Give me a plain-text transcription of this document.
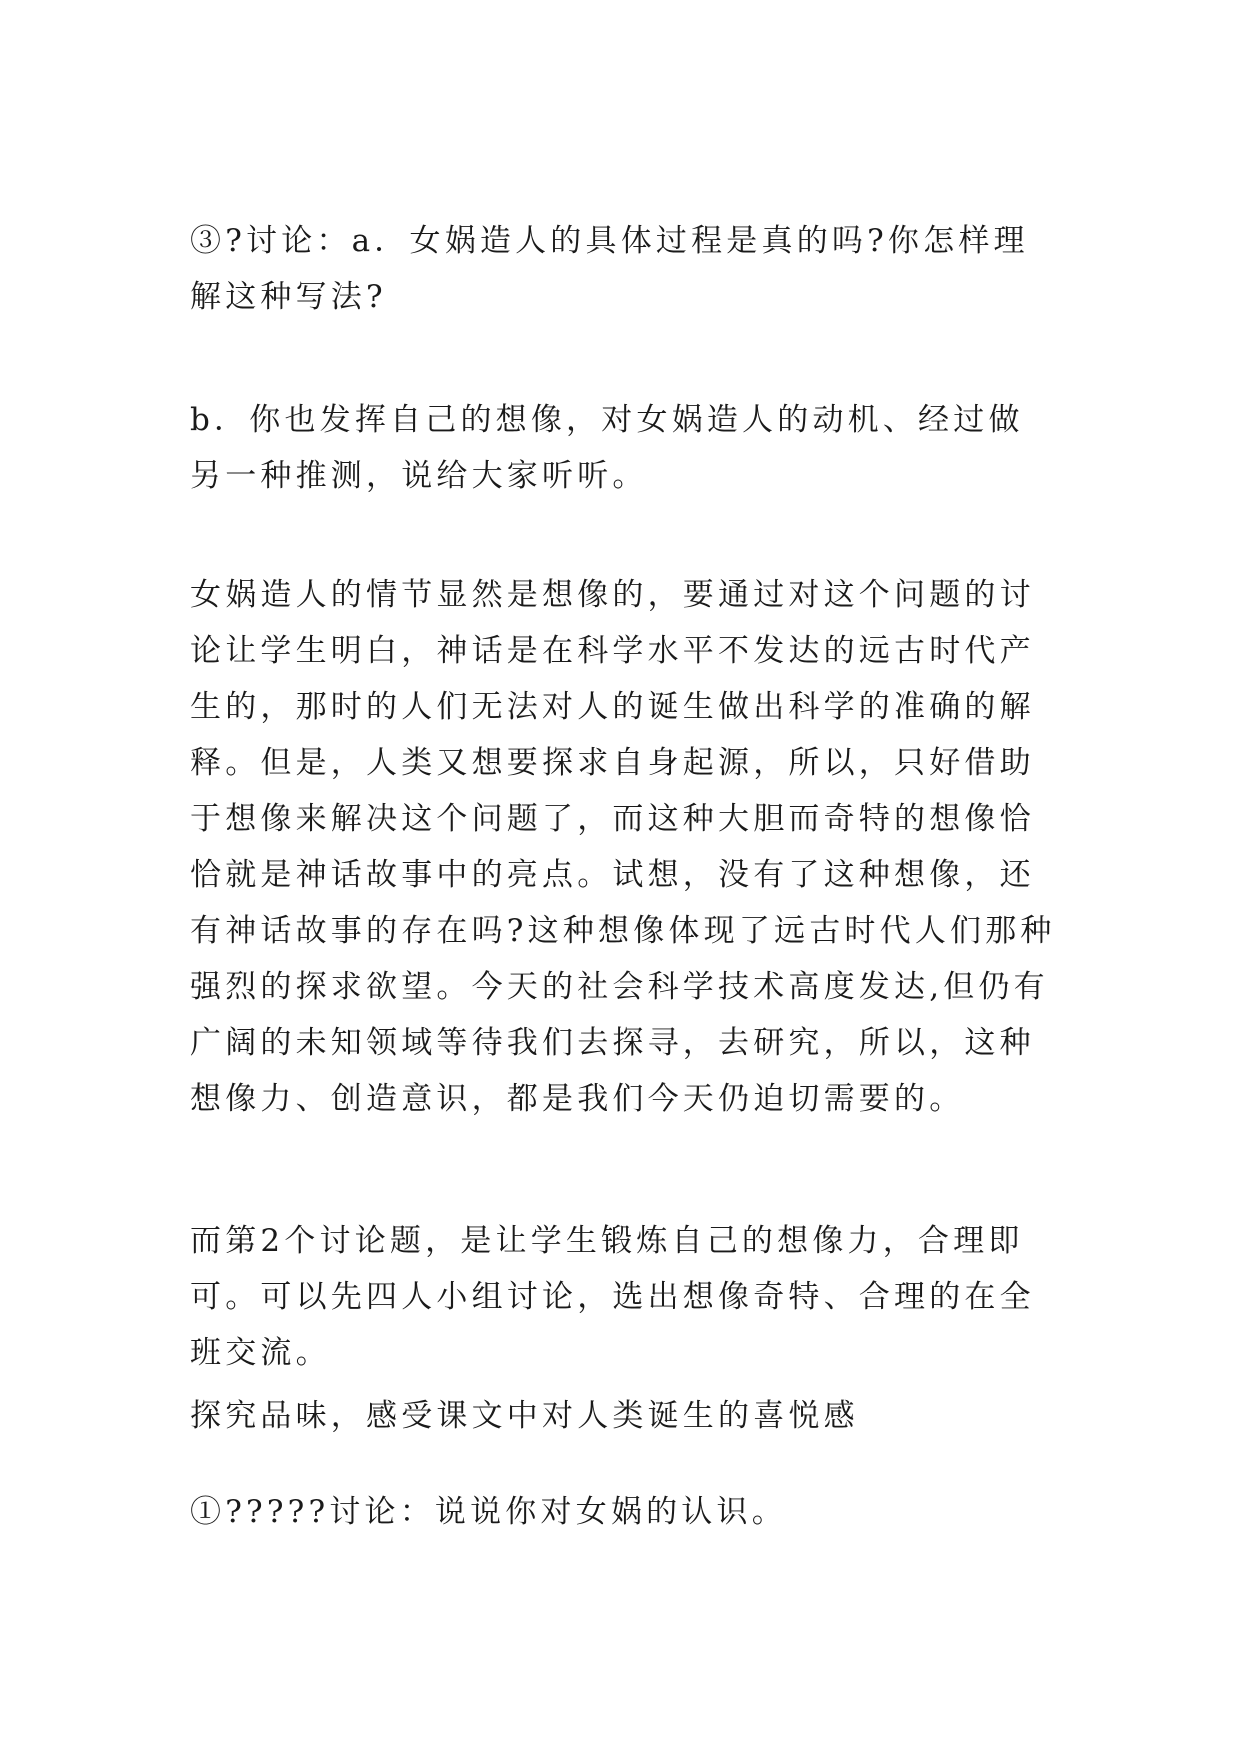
③?讨论：a．女娲造人的具体过程是真的吗?你怎样理解这种写法?

b．你也发挥自己的想像，对女娲造人的动机、经过做另一种推测，说给大家听听。

女娲造人的情节显然是想像的，要通过对这个问题的讨论让学生明白，神话是在科学水平不发达的远古时代产生的，那时的人们无法对人的诞生做出科学的准确的解释。但是，人类又想要探求自身起源，所以，只好借助于想像来解决这个问题了，而这种大胆而奇特的想像恰恰就是神话故事中的亮点。试想，没有了这种想像，还有神话故事的存在吗?这种想像体现了远古时代人们那种强烈的探求欲望。今天的社会科学技术高度发达,但仍有广阔的未知领域等待我们去探寻，去研究，所以，这种想像力、创造意识，都是我们今天仍迫切需要的。

而第2个讨论题，是让学生锻炼自己的想像力，合理即可。可以先四人小组讨论，选出想像奇特、合理的在全班交流。

探究品味，感受课文中对人类诞生的喜悦感

①?????讨论：说说你对女娲的认识。
